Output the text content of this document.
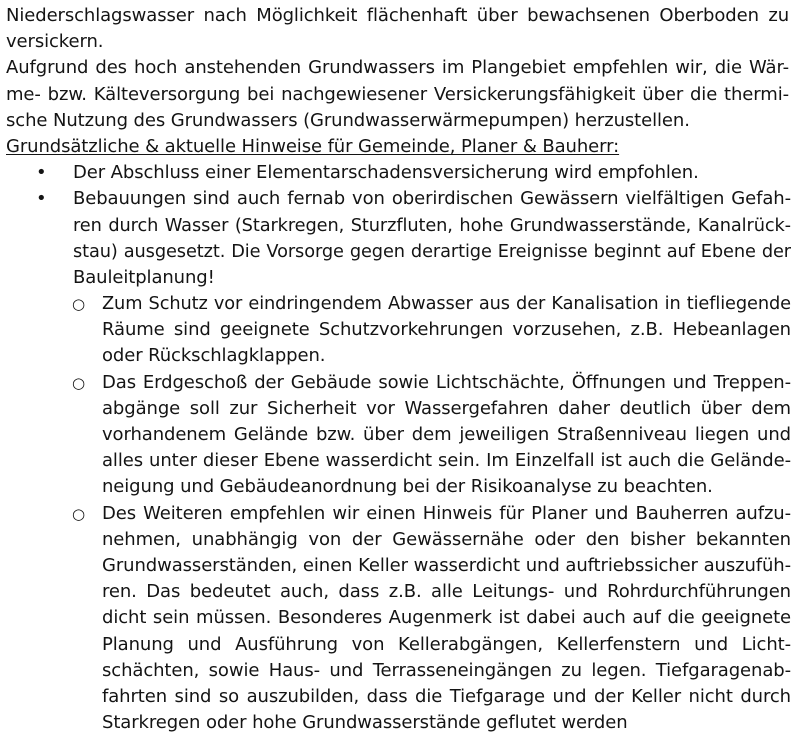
Niederschlagswasser nach Möglichkeit flächenhaft über bewachsenen Oberboden zu
versickern.
Aufgrund des hoch anstehenden Grundwassers im Plangebiet empfehlen wir, die Wär-
me- bzw. Kälteversorgung bei nachgewiesener Versickerungsfähigkeit über die thermi-
sche Nutzung des Grundwassers (Grundwasserwärmepumpen) herzustellen.
Grundsätzliche & aktuelle Hinweise für Gemeinde, Planer & Bauherr:
• Der Abschluss einer Elementarschadensversicherung wird empfohlen.
• Bebauungen sind auch fernab von oberirdischen Gewässern vielfältigen Gefah-
ren durch Wasser (Starkregen, Sturzfluten, hohe Grundwasserstände, Kanalrück-
stau) ausgesetzt. Die Vorsorge gegen derartige Ereignisse beginnt auf Ebene der
Bauleitplanung!
○ Zum Schutz vor eindringendem Abwasser aus der Kanalisation in tiefliegende
Räume sind geeignete Schutzvorkehrungen vorzusehen, z.B. Hebeanlagen
oder Rückschlagklappen.
○ Das Erdgeschoß der Gebäude sowie Lichtschächte, Öffnungen und Treppen-
abgänge soll zur Sicherheit vor Wassergefahren daher deutlich über dem
vorhandenem Gelände bzw. über dem jeweiligen Straßenniveau liegen und
alles unter dieser Ebene wasserdicht sein. Im Einzelfall ist auch die Gelände-
neigung und Gebäudeanordnung bei der Risikoanalyse zu beachten.
○ Des Weiteren empfehlen wir einen Hinweis für Planer und Bauherren aufzu-
nehmen, unabhängig von der Gewässernähe oder den bisher bekannten
Grundwasserständen, einen Keller wasserdicht und auftriebssicher auszufüh-
ren. Das bedeutet auch, dass z.B. alle Leitungs- und Rohrdurchführungen
dicht sein müssen. Besonderes Augenmerk ist dabei auch auf die geeignete
Planung und Ausführung von Kellerabgängen, Kellerfenstern und Licht-
schächten, sowie Haus- und Terrasseneingängen zu legen. Tiefgaragenab-
fahrten sind so auszubilden, dass die Tiefgarage und der Keller nicht durch
Starkregen oder hohe Grundwasserstände geflutet werden
